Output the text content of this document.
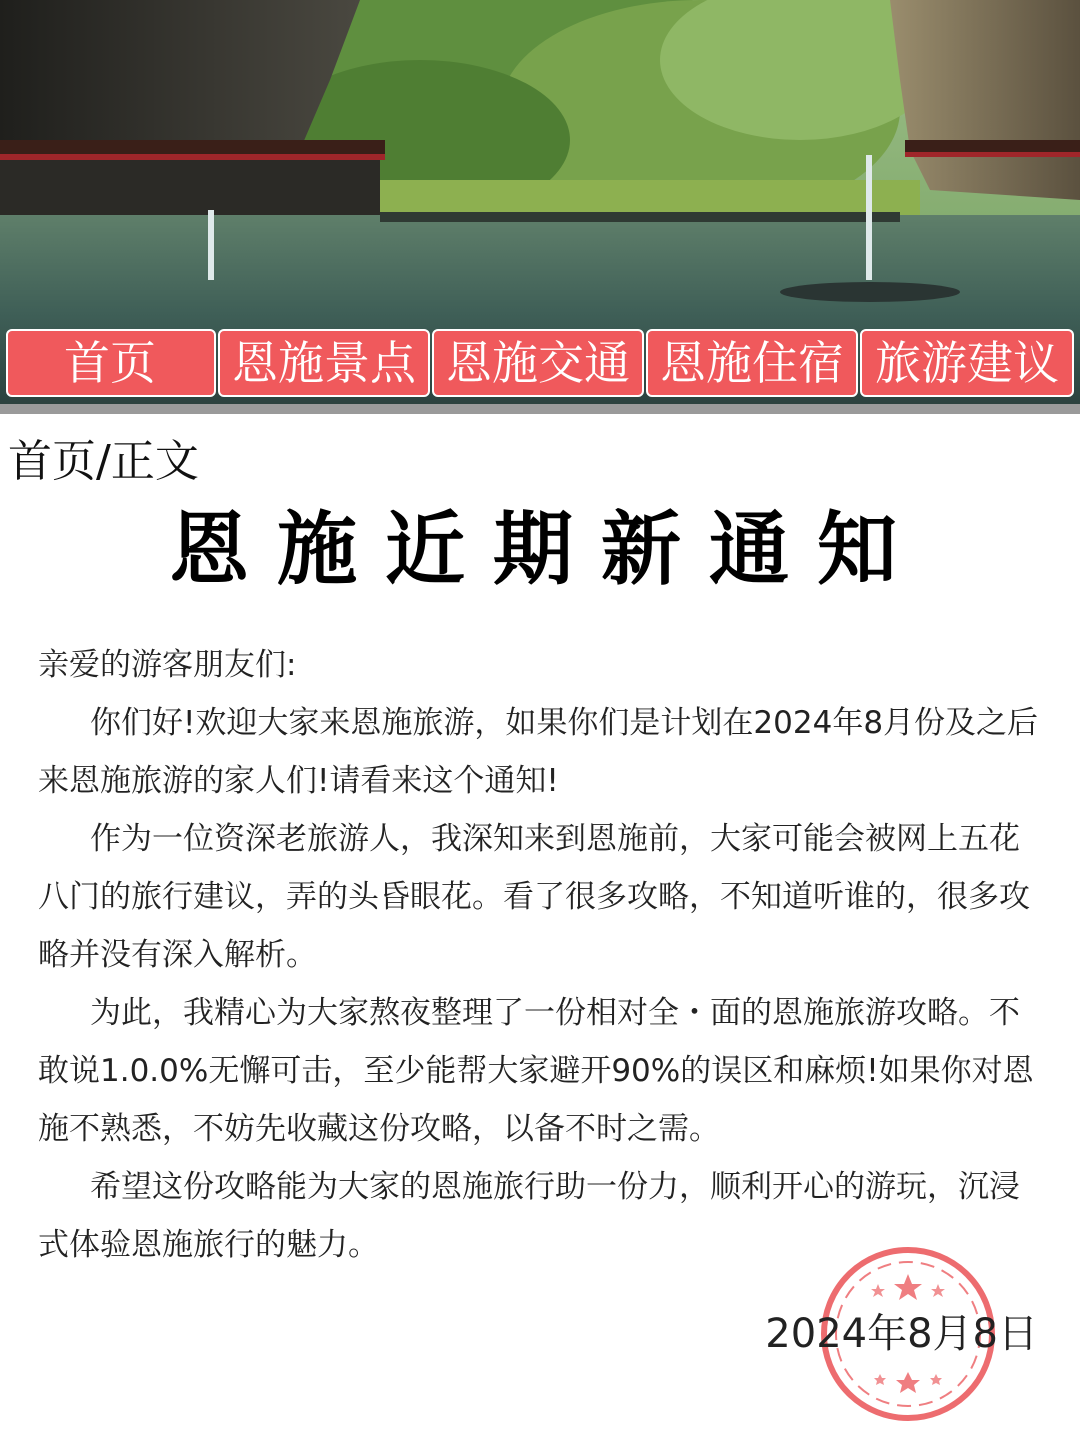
首页	恩施景点 恩施交通 恩施住宿 旅游建议
首页/正文
恩施近期新通知

亲爱的游客朋友们:

你们好!欢迎大家来恩施旅游，如果你们是计划在2024年8月份及之后来恩施旅游的家人们!请看来这个通知!

作为一位资深老旅游人，我深知来到恩施前，大家可能会被网上五花八门的旅行建议，弄的头昏眼花。看了很多攻略，不知道听谁的，很多攻略并没有深入解析。

为此，我精心为大家熬夜整理了一份相对全・面的恩施旅游攻略。不敢说1.0.0%无懈可击，至少能帮大家避开90%的误区和麻烦!如果你对恩施不熟悉，不妨先收藏这份攻略，以备不时之需。

希望这份攻略能为大家的恩施旅行助一份力，顺利开心的游玩，沉浸式体验恩施旅行的魅力。

2024年8月8日
